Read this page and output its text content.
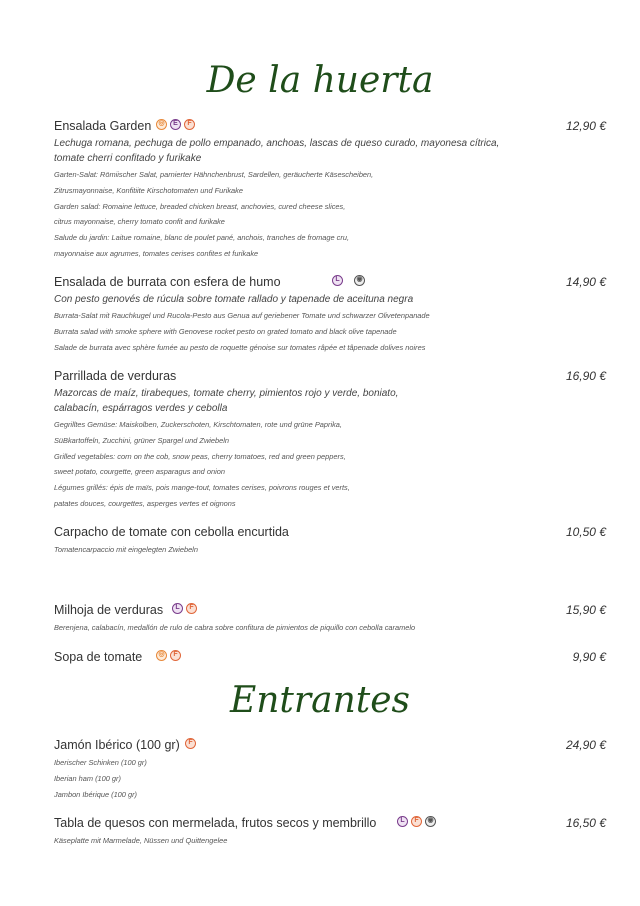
De la huerta
Ensalada Garden	◎	E	F	12,90 €
Lechuga romana, pechuga de pollo empanado, anchoas, lascas de queso curado, mayonesa cítrica,
tomate cherri confitado y furikake
Garten-Salat: Römiischer Salat, parnierter Hähnchenbrust, Sardellen, geräucherte Käsescheiben,
Zitrusmayonnaise, Konfitiite Kirschotomaten und Furikake
Garden salad: Romaine lettuce, breaded chicken breast, anchovies, cured cheese slices,
citrus mayonnaise, cherry tomato confit and furikake
Salude du jardin: Laitue romaine, blanc de poulet pané, anchois, tranches de fromage cru,
mayonnaise aux agrumes, tomates cerises confites et furikake
Ensalada de burrata con esfera de humo	L	◉	14,90 €
Con pesto genovés de rúcula sobre tomate rallado y tapenade de aceituna negra
Burrata-Salat mit Rauchkugel und Rucola-Pesto aus Genua auf geriebener Tomate und schwarzer Olivetenpanade
Burrata salad with smoke sphere with Genovese rocket pesto on grated tomato and black olive tapenade
Salade de burrata avec sphère fumée au pesto de roquette génoise sur tomates râpée et tâpenade dolives noires
Parrillada de verduras	16,90 €
Mazorcas de maíz, tirabeques, tomate cherry, pimientos rojo y verde, boniato,
calabacín, espárragos verdes y cebolla
Gegrilltes Gemüse: Maiskolben, Zuckerschoten, Kirschtomaten, rote und grüne Paprika,
SüBkartoffeln, Zucchini, grüner Spargel und Zwiebeln
Grilled vegetables: corn on the cob, snow peas, cherry tomatoes, red and green peppers,
sweet potato, courgette, green asparagus and onion
Légumes grillés: épis de maïs, pois mange-tout, tomates cerises, poivrons rouges et verts,
patates douces, courgettes, asperges vertes et oignons
Carpacho de tomate con cebolla encurtida	10,50 €
Tomatencarpaccio mit eingelegten Zwiebeln
Milhoja de verduras	L	F	15,90 €
Berenjena, calabacín, medallón de rulo de cabra sobre confitura de pimientos de piquillo con cebolla caramelo
Sopa de tomate	◎	F	9,90 €
Entrantes
Jamón Ibérico (100 gr)	F	24,90 €
Iberischer Schinken (100 gr)
Iberian ham (100 gr)
Jambon Ibérique (100 gr)
Tabla de quesos con mermelada, frutos secos y membrillo	L	F	◉	16,50 €
Käseplatte mit Marmelade, Nüssen und Quittengelee
